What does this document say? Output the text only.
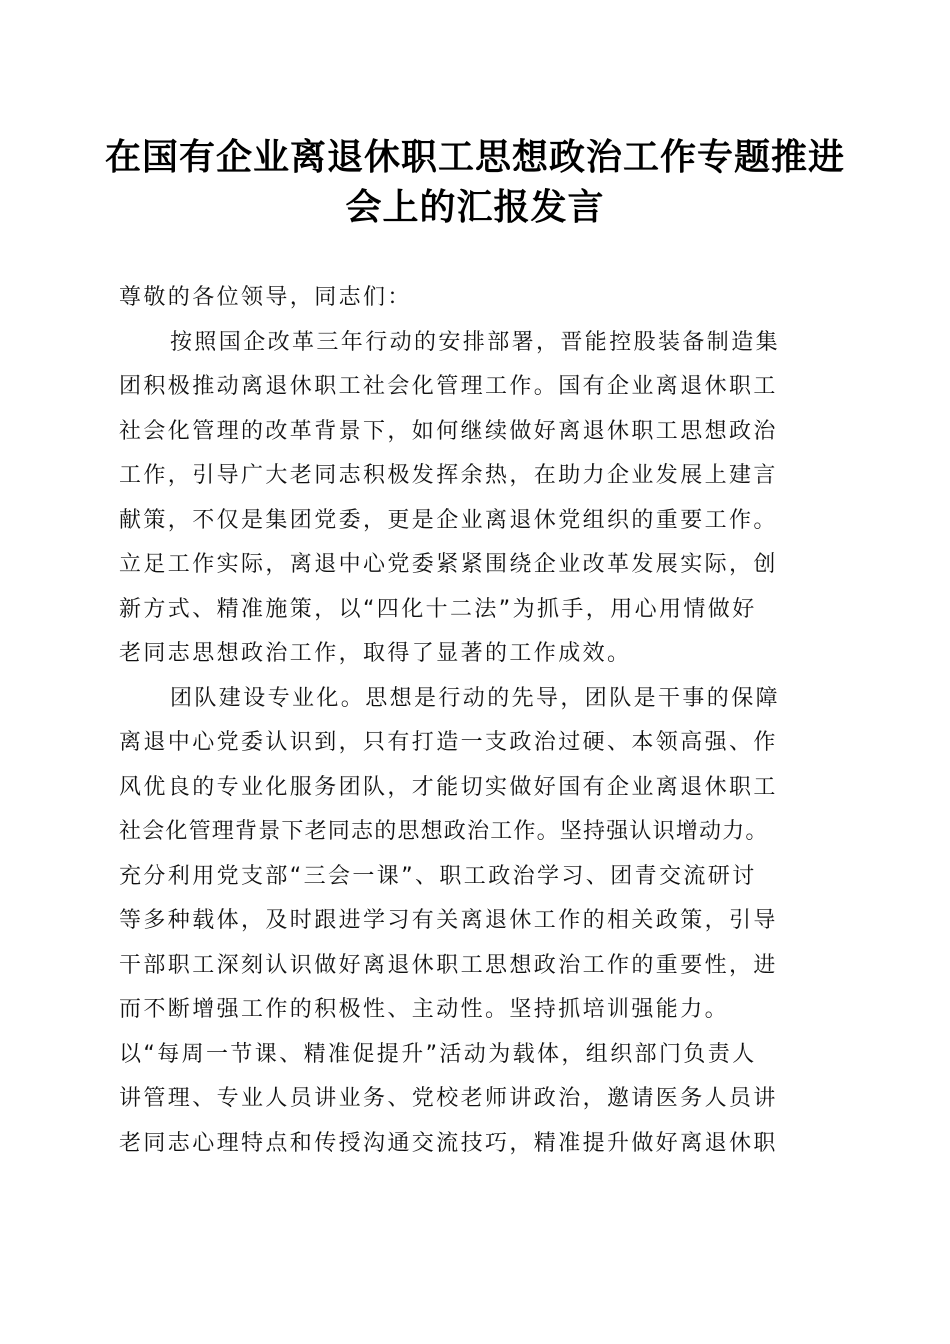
在国有企业离退休职工思想政治工作专题推进
会上的汇报发言
尊敬的各位领导，同志们：
按照国企改革三年行动的安排部署，晋能控股装备制造集
团积极推动离退休职工社会化管理工作。国有企业离退休职工
社会化管理的改革背景下，如何继续做好离退休职工思想政治
工作，引导广大老同志积极发挥余热，在助力企业发展上建言
献策，不仅是集团党委，更是企业离退休党组织的重要工作。
立足工作实际，离退中心党委紧紧围绕企业改革发展实际，创
新方式、精准施策，以“四化十二法”为抓手，用心用情做好
老同志思想政治工作，取得了显著的工作成效。
团队建设专业化。思想是行动的先导，团队是干事的保障
离退中心党委认识到，只有打造一支政治过硬、本领高强、作
风优良的专业化服务团队，才能切实做好国有企业离退休职工
社会化管理背景下老同志的思想政治工作。坚持强认识增动力。
充分利用党支部“三会一课”、职工政治学习、团青交流研讨
等多种载体，及时跟进学习有关离退休工作的相关政策，引导
干部职工深刻认识做好离退休职工思想政治工作的重要性，进
而不断增强工作的积极性、主动性。坚持抓培训强能力。
以“每周一节课、精准促提升”活动为载体，组织部门负责人
讲管理、专业人员讲业务、党校老师讲政治，邀请医务人员讲
老同志心理特点和传授沟通交流技巧，精准提升做好离退休职
